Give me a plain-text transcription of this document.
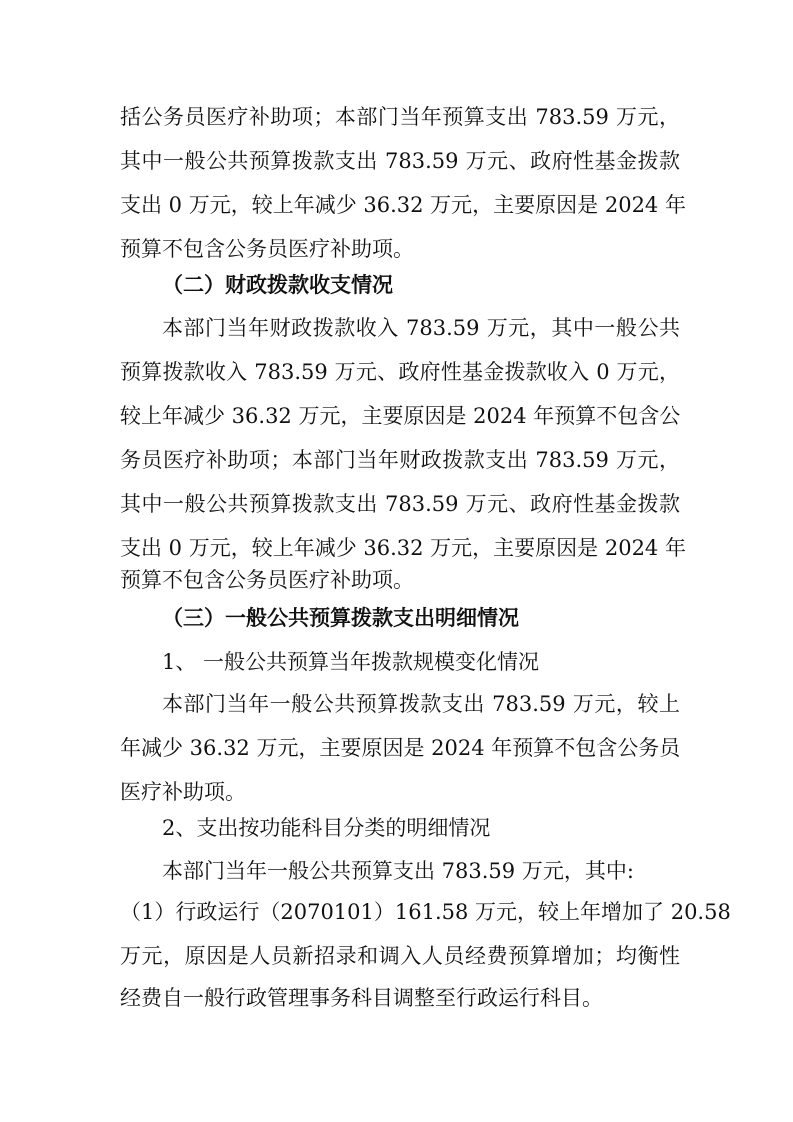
括公务员医疗补助项；本部门当年预算支出 783.59 万元，
其中一般公共预算拨款支出 783.59 万元、政府性基金拨款
支出 0 万元，较上年减少 36.32 万元，主要原因是 2024 年
预算不包含公务员医疗补助项。
（二）财政拨款收支情况
本部门当年财政拨款收入 783.59 万元，其中一般公共
预算拨款收入 783.59 万元、政府性基金拨款收入 0 万元，
较上年减少 36.32 万元，主要原因是 2024 年预算不包含公
务员医疗补助项；本部门当年财政拨款支出 783.59 万元，
其中一般公共预算拨款支出 783.59 万元、政府性基金拨款
支出 0 万元，较上年减少 36.32 万元，主要原因是 2024 年
预算不包含公务员医疗补助项。
（三）一般公共预算拨款支出明细情况
1、 一般公共预算当年拨款规模变化情况
本部门当年一般公共预算拨款支出 783.59 万元，较上
年减少 36.32 万元，主要原因是 2024 年预算不包含公务员
医疗补助项。
2、支出按功能科目分类的明细情况
本部门当年一般公共预算支出 783.59 万元，其中:
（1）行政运行（2070101）161.58 万元，较上年增加了 20.58
万元，原因是人员新招录和调入人员经费预算增加；均衡性
经费自一般行政管理事务科目调整至行政运行科目。
